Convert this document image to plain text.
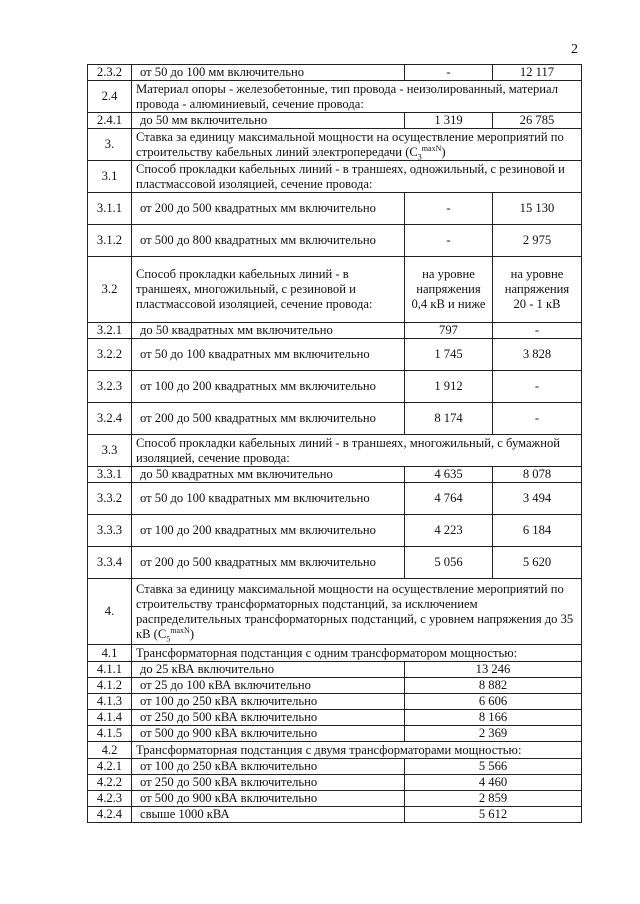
2
2.3.2	от 50 до 100 мм включительно	-	12 117
2.4	Материал опоры - железобетонные, тип провода - неизолированный, материал провода - алюминиевый, сечение провода:		
2.4.1	до 50 мм включительно	1 319	26 785
3.	Ставка за единицу максимальной мощности на осуществление мероприятий по строительству кабельных линий электропередачи $(С_3^{maxN})$		
3.1	Способ прокладки кабельных линий - в траншеях, одножильный, с резиновой и пластмассовой изоляцией, сечение провода:		
3.1.1	от 200 до 500 квадратных мм включительно	-	15 130
3.1.2	от 500 до 800 квадратных мм включительно	-	2 975
3.2	Способ прокладки кабельных линий - в траншеях, многожильный, с резиновой и пластмассовой изоляцией, сечение провода:	на уровне напряжения 0,4 кВ и ниже	на уровне напряжения 20 - 1 кВ
3.2.1	до 50 квадратных мм включительно	797	-
3.2.2	от 50 до 100 квадратных мм включительно	1 745	3 828
3.2.3	от 100 до 200 квадратных мм включительно	1 912	-
3.2.4	от 200 до 500 квадратных мм включительно	8 174	-
3.3	Способ прокладки кабельных линий - в траншеях, многожильный, с бумажной изоляцией, сечение провода:		
3.3.1	до 50 квадратных мм включительно	4 635	8 078
3.3.2	от 50 до 100 квадратных мм включительно	4 764	3 494
3.3.3	от 100 до 200 квадратных мм включительно	4 223	6 184
3.3.4	от 200 до 500 квадратных мм включительно	5 056	5 620
4.	Ставка за единицу максимальной мощности на осуществление мероприятий по строительству трансформаторных подстанций, за исключением распределительных трансформаторных подстанций, с уровнем напряжения до 35 кВ $(С_5^{maxN})$		
4.1	Трансформаторная подстанция с одним трансформатором мощностью:		
4.1.1	до 25 кВА включительно	13 246	
4.1.2	от 25 до 100 кВА включительно	8 882	
4.1.3	от 100 до 250 кВА включительно	6 606	
4.1.4	от 250 до 500 кВА включительно	8 166	
4.1.5	от 500 до 900 кВА включительно	2 369	
4.2	Трансформаторная подстанция с двумя трансформаторами мощностью:		
4.2.1	от 100 до 250 кВА включительно	5 566	
4.2.2	от 250 до 500 кВА включительно	4 460	
4.2.3	от 500 до 900 кВА включительно	2 859	
4.2.4	свыше 1000 кВА	5 612	
